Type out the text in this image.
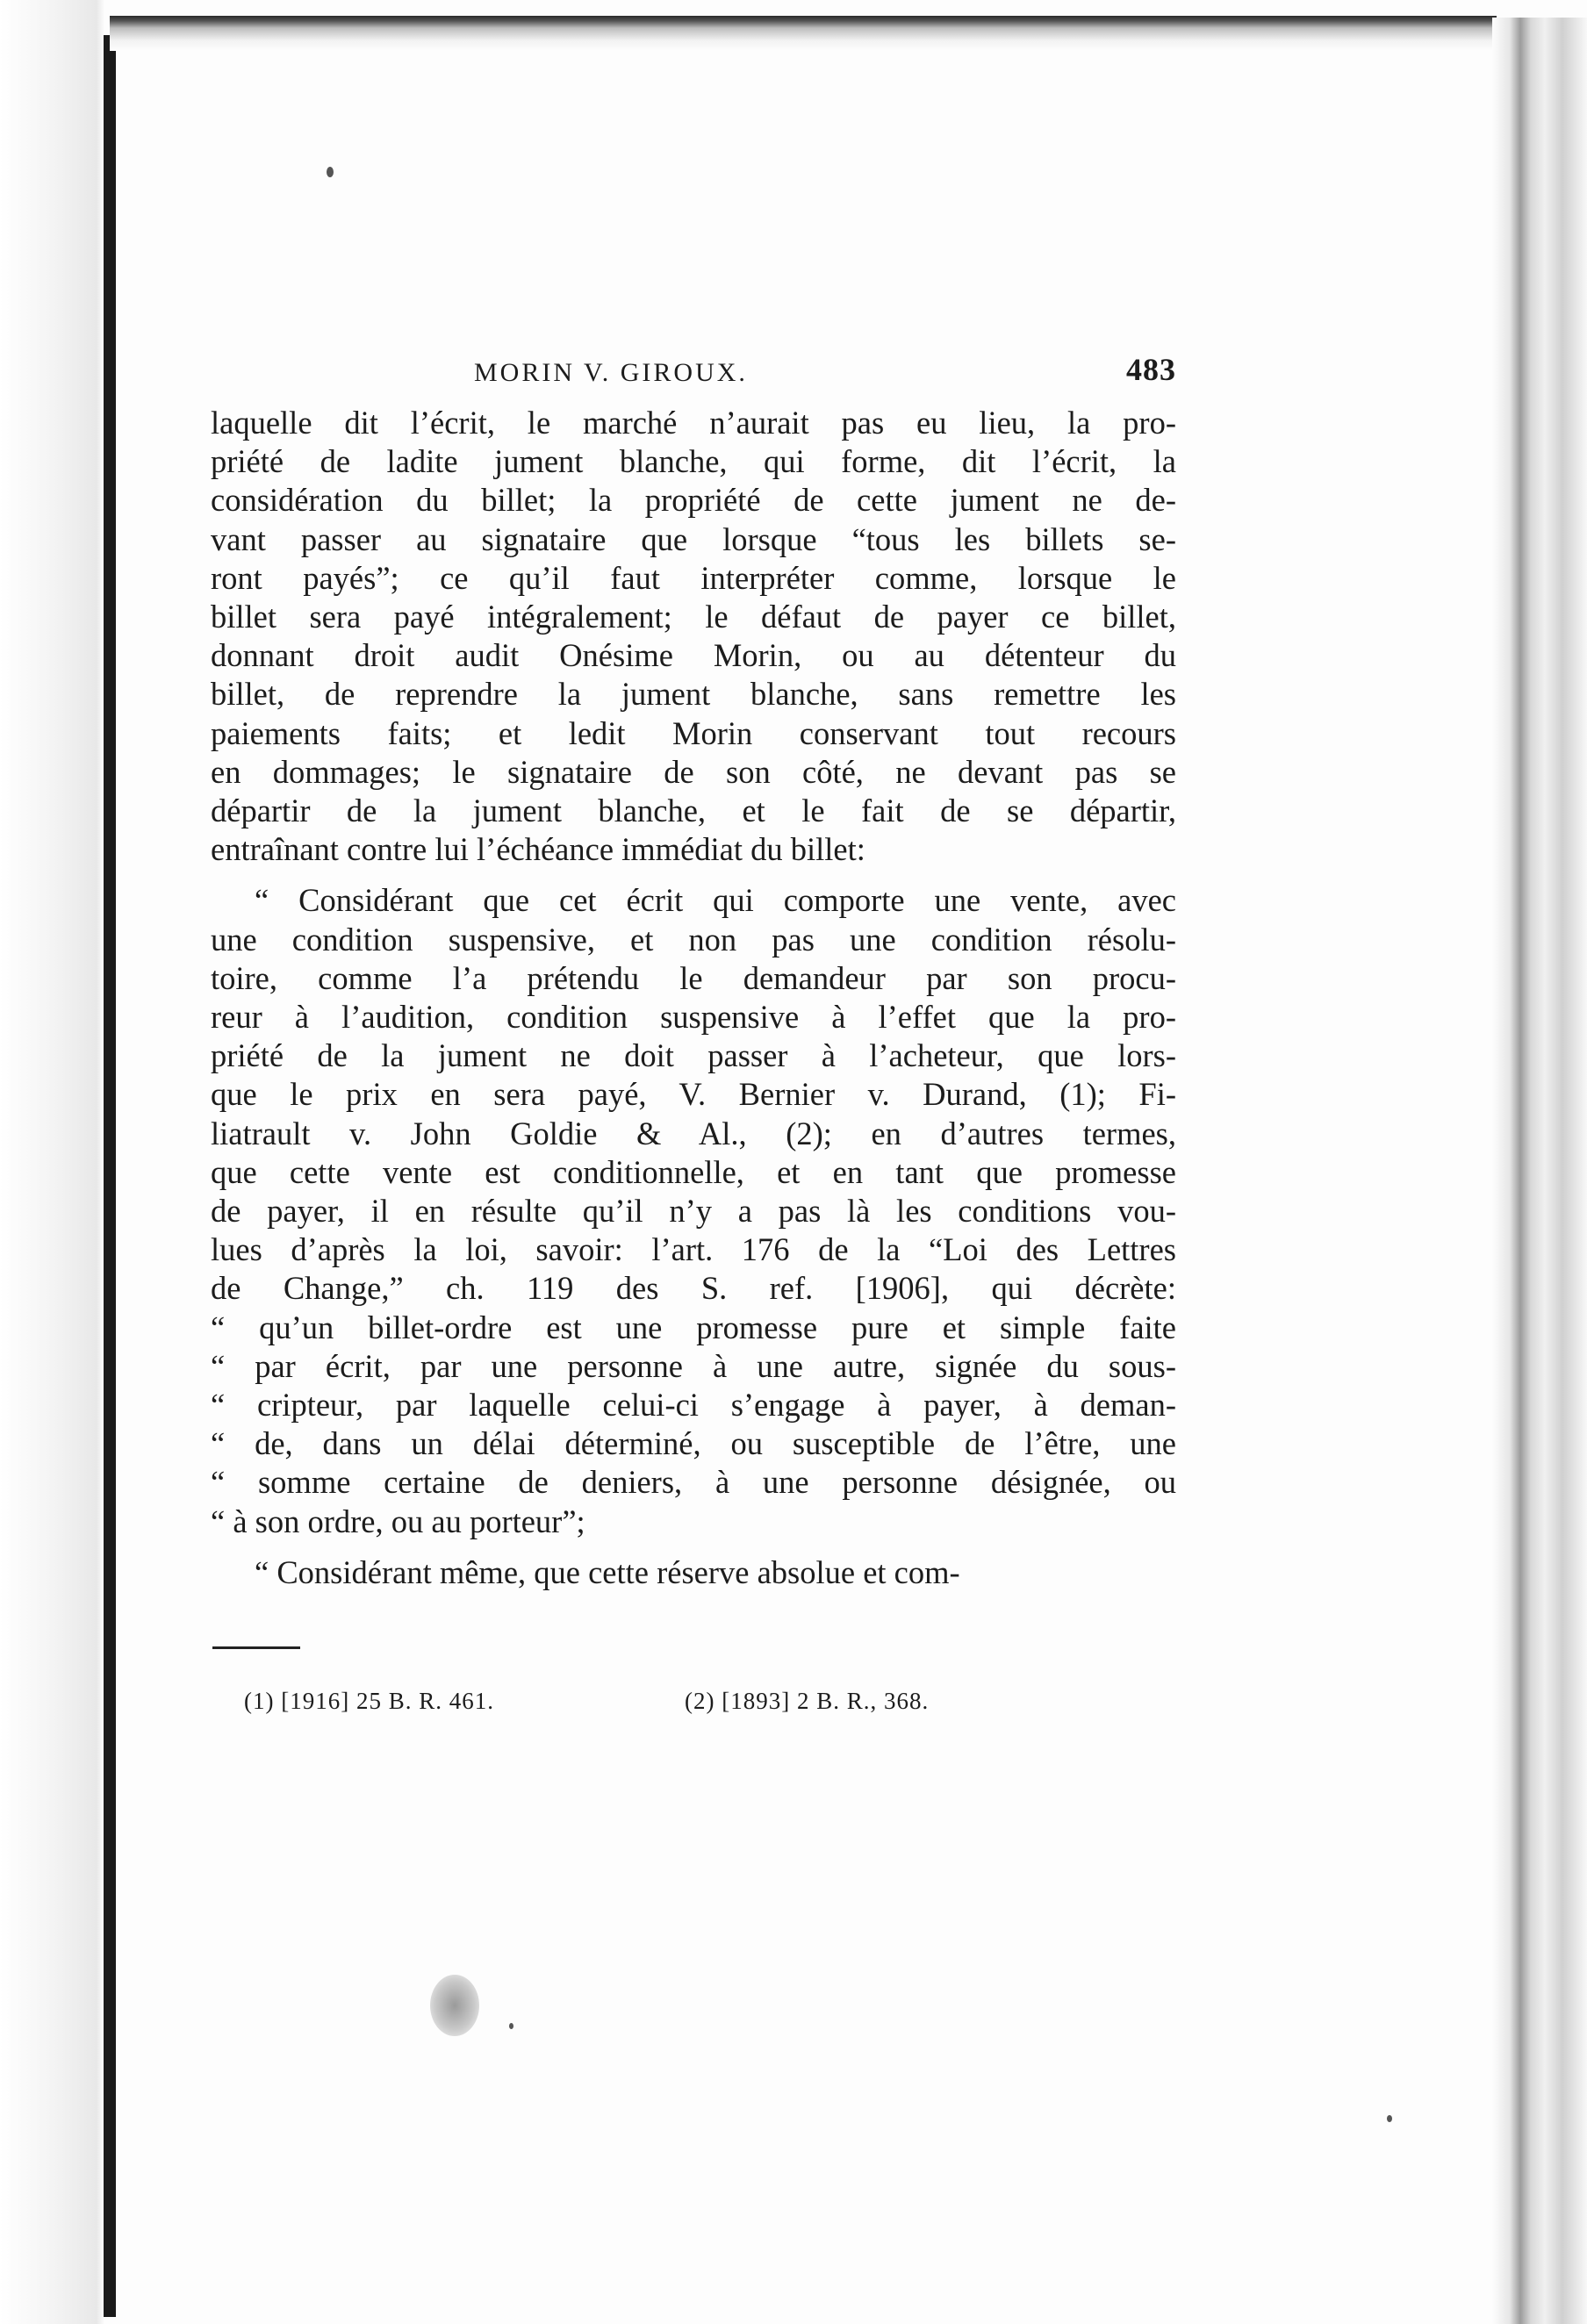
MORIN V. GIROUX.	483

laquelle dit l’écrit, le marché n’aurait pas eu lieu, la pro-
priété de ladite jument blanche, qui forme, dit l’écrit, la
considération du billet; la propriété de cette jument ne de-
vant passer au signataire que lorsque “tous les billets se-
ront payés”; ce qu’il faut interpréter comme, lorsque le
billet sera payé intégralement; le défaut de payer ce billet,
donnant droit audit Onésime Morin, ou au détenteur du
billet, de reprendre la jument blanche, sans remettre les
paiements faits; et ledit Morin conservant tout recours
en dommages; le signataire de son côté, ne devant pas se
départir de la jument blanche, et le fait de se départir,
entraînant contre lui l’échéance immédiat du billet:

“ Considérant que cet écrit qui comporte une vente, avec
une condition suspensive, et non pas une condition résolu-
toire, comme l’a prétendu le demandeur par son procu-
reur à l’audition, condition suspensive à l’effet que la pro-
priété de la jument ne doit passer à l’acheteur, que lors-
que le prix en sera payé, V. Bernier v. Durand, (1); Fi-
liatrault v. John Goldie & Al., (2); en d’autres termes,
que cette vente est conditionnelle, et en tant que promesse
de payer, il en résulte qu’il n’y a pas là les conditions vou-
lues d’après la loi, savoir: l’art. 176 de la “Loi des Lettres
de Change,” ch. 119 des S. ref. [1906], qui décrète:
“ qu’un billet-ordre est une promesse pure et simple faite
“ par écrit, par une personne à une autre, signée du sous-
“ cripteur, par laquelle celui-ci s’engage à payer, à deman-
“ de, dans un délai déterminé, ou susceptible de l’être, une
“ somme certaine de deniers, à une personne désignée, ou
“ à son ordre, ou au porteur”;

“ Considérant même, que cette réserve absolue et com-

(1) [1916] 25 B. R. 461.	(2) [1893] 2 B. R., 368.
